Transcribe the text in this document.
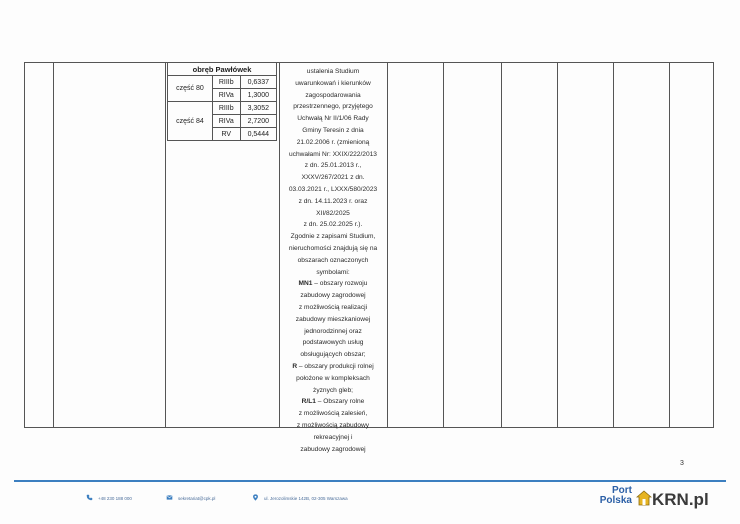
obręb Pawłówek		
część 80	RIIIb	0,6337
	RIVa	1,3000
część 84	RIIIb	3,3052
	RIVa	2,7200
	RV	0,5444
ustalenia Studium
uwarunkowań i kierunków
zagospodarowania
przestrzennego, przyjętego
Uchwałą Nr II/1/06 Rady
Gminy Teresin z dnia
21.02.2006 r. (zmienioną
uchwałami Nr: XXIX/222/2013
z dn. 25.01.2013 r.,
XXXV/267/2021 z dn.
03.03.2021 r., LXXX/580/2023
z dn. 14.11.2023 r. oraz
XII/82/2025
z dn. 25.02.2025 r.).
Zgodnie z zapisami Studium,
nieruchomości znajdują się na
obszarach oznaczonych
symbolami:
MN1 – obszary rozwoju
zabudowy zagrodowej
z możliwością realizacji
zabudowy mieszkaniowej
jednorodzinnej oraz
podstawowych usług
obsługujących obszar;
R – obszary produkcji rolnej
położone w kompleksach
żyznych gleb;
R/L1 – Obszary rolne
z możliwością zalesień,
z możliwością zabudowy
rekreacyjnej i
zabudowy zagrodowej
3
+48 230 188 000	sekretariat@cpk.pl	ul. Jerozolimskie 142B, 02-305 Warszawa
Port
Polska KRN.pl
